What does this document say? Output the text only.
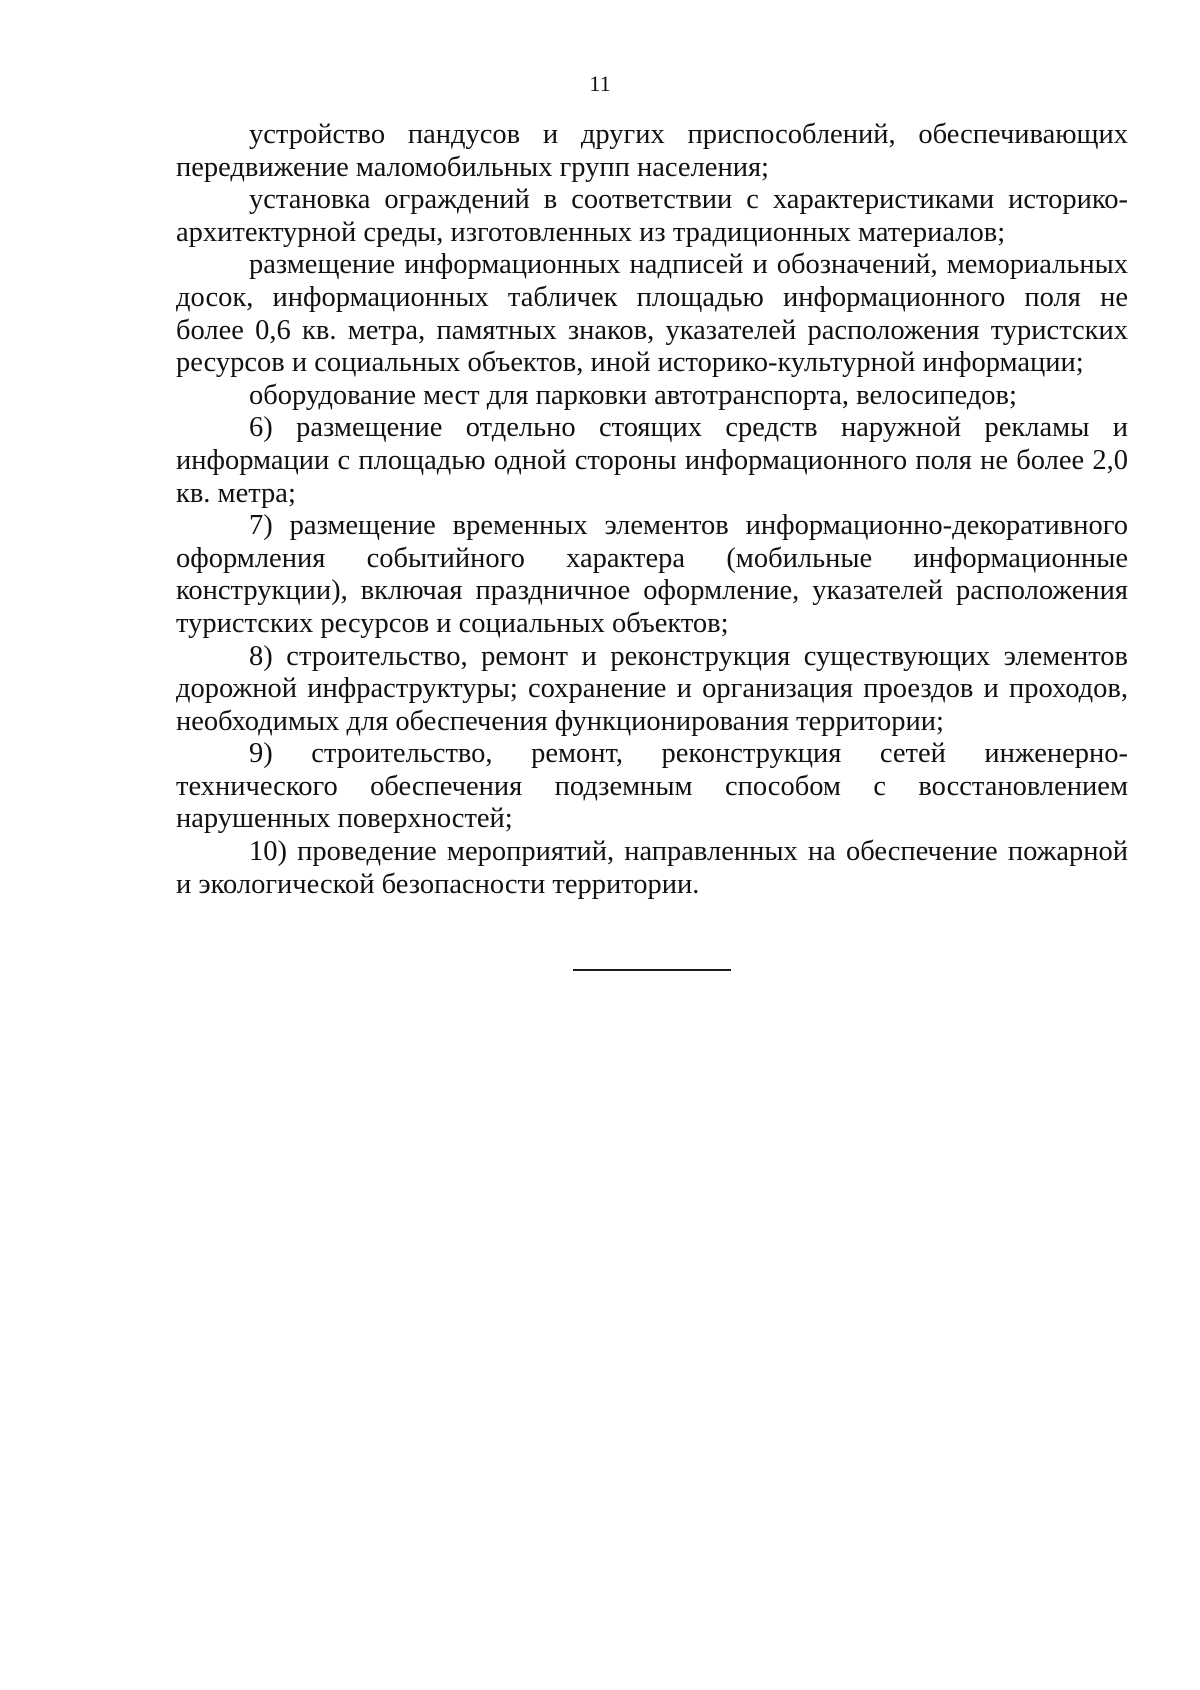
11

устройство пандусов и других приспособлений, обеспечивающих передвижение маломобильных групп населения;

установка ограждений в соответствии с характеристиками историко-архитектурной среды, изготовленных из традиционных материалов;

размещение информационных надписей и обозначений, мемориальных досок, информационных табличек площадью информационного поля не более 0,6 кв. метра, памятных знаков, указателей расположения туристских ресурсов и социальных объектов, иной историко-культурной информации;

оборудование мест для парковки автотранспорта, велосипедов;

6) размещение отдельно стоящих средств наружной рекламы и информации с площадью одной стороны информационного поля не более 2,0 кв. метра;

7) размещение временных элементов информационно-декоративного оформления событийного характера (мобильные информационные конструкции), включая праздничное оформление, указателей расположения туристских ресурсов и социальных объектов;

8) строительство, ремонт и реконструкция существующих элементов дорожной инфраструктуры; сохранение и организация проездов и проходов, необходимых для обеспечения функционирования территории;

9) строительство, ремонт, реконструкция сетей инженерно-технического обеспечения подземным способом с восстановлением нарушенных поверхностей;

10) проведение мероприятий, направленных на обеспечение пожарной и экологической безопасности территории.
